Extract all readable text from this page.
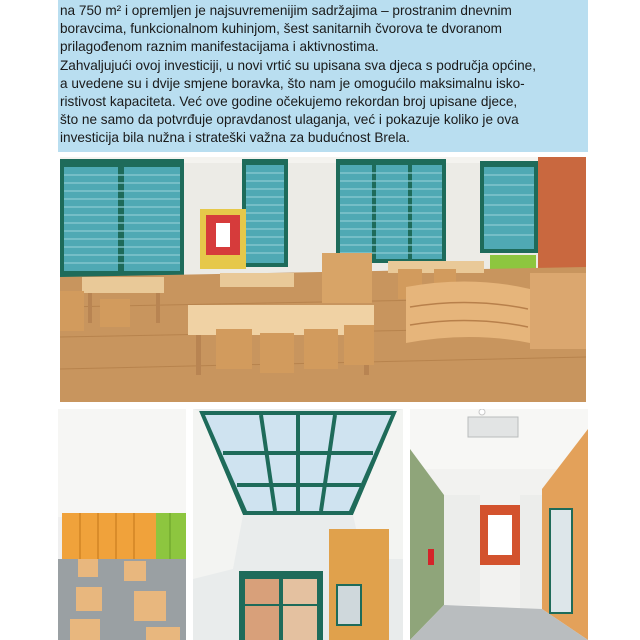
na 750 m² i opremljen je najsuvremenijim sadržajima – prostranim dnevnim
boravcima, funkcionalnom kuhinjom, šest sanitarnih čvorova te dvoranom
prilagođenom raznim manifestacijama i aktivnostima.

Zahvaljujući ovoj investiciji, u novi vrtić su upisana sva djeca s područja općine,
a uvedene su i dvije smjene boravka, što nam je omogućilo maksimalnu isko-
ristivost kapaciteta. Već ove godine očekujemo rekordan broj upisane djece,
što ne samo da potvrđuje opravdanost ulaganja, već i pokazuje koliko je ova
investicija bila nužna i strateški važna za budućnost Brela.
